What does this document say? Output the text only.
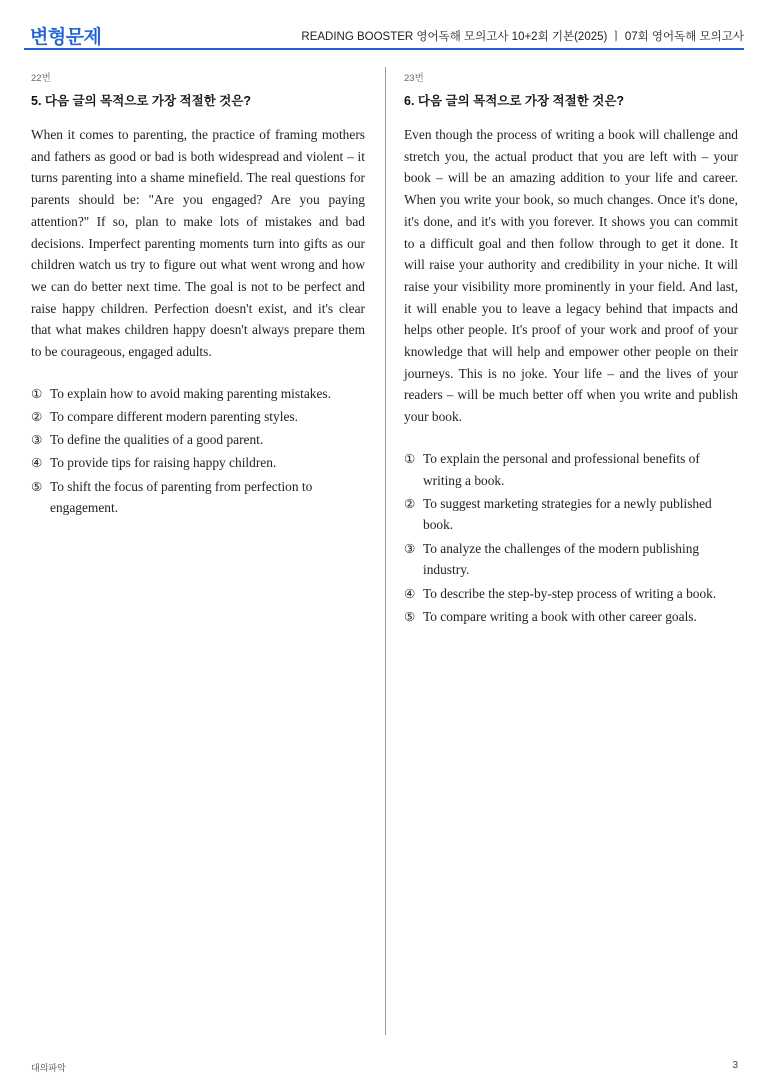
변형문제	READING BOOSTER 영어독해 모의고사 10+2회 기본(2025) ㅣ 07회 영어독해 모의고사
22번
5. 다음 글의 목적으로 가장 적절한 것은?

When it comes to parenting, the practice of framing mothers and fathers as good or bad is both widespread and violent – it turns parenting into a shame minefield. The real questions for parents should be: "Are you engaged? Are you paying attention?" If so, plan to make lots of mistakes and bad decisions. Imperfect parenting moments turn into gifts as our children watch us try to figure out what went wrong and how we can do better next time. The goal is not to be perfect and raise happy children. Perfection doesn't exist, and it's clear that what makes children happy doesn't always prepare them to be courageous, engaged adults.

① To explain how to avoid making parenting mistakes.
② To compare different modern parenting styles.
③ To define the qualities of a good parent.
④ To provide tips for raising happy children.
⑤ To shift the focus of parenting from perfection to engagement.
23번
6. 다음 글의 목적으로 가장 적절한 것은?

Even though the process of writing a book will challenge and stretch you, the actual product that you are left with – your book – will be an amazing addition to your life and career. When you write your book, so much changes. Once it's done, it's done, and it's with you forever. It shows you can commit to a difficult goal and then follow through to get it done. It will raise your authority and credibility in your niche. It will raise your visibility more prominently in your field. And last, it will enable you to leave a legacy behind that impacts and helps other people. It's proof of your work and proof of your knowledge that will help and empower other people on their journeys. This is no joke. Your life – and the lives of your readers – will be much better off when you write and publish your book.

① To explain the personal and professional benefits of writing a book.
② To suggest marketing strategies for a newly published book.
③ To analyze the challenges of the modern publishing industry.
④ To describe the step-by-step process of writing a book.
⑤ To compare writing a book with other career goals.
대의파악	3
